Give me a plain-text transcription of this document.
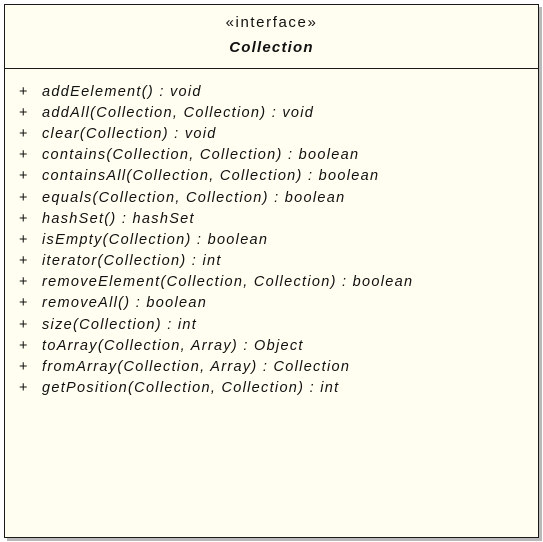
«interface»
Collection
+ addEelement() : void
+ addAll(Collection, Collection) : void
+ clear(Collection) : void
+ contains(Collection, Collection) : boolean
+ containsAll(Collection, Collection) : boolean
+ equals(Collection, Collection) : boolean
+ hashSet() : hashSet
+ isEmpty(Collection) : boolean
+ iterator(Collection) : int
+ removeElement(Collection, Collection) : boolean
+ removeAll() : boolean
+ size(Collection) : int
+ toArray(Collection, Array) : Object
+ fromArray(Collection, Array) : Collection
+ getPosition(Collection, Collection) : int
